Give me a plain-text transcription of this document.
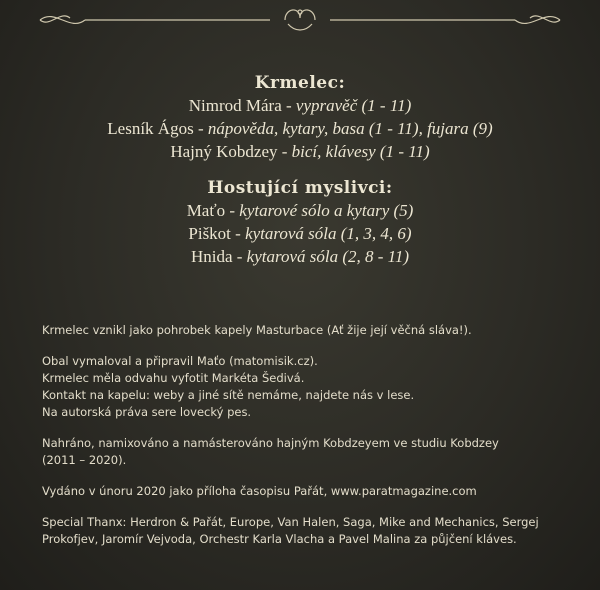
Krmelec:

Nimrod Mára - vypravěč (1 - 11)

Lesník Ágos - nápověda, kytary, basa (1 - 11), fujara (9)

Hajný Kobdzey - bicí, klávesy (1 - 11)

Hostující myslivci:

Maťo - kytarové sólo a kytary (5)

Piškot - kytarová sóla (1, 3, 4, 6)

Hnida - kytarová sóla (2, 8 - 11)

Krmelec vznikl jako pohrobek kapely Masturbace (Ať žije její věčná sláva!).

Obal vymaloval a připravil Maťo (matomisik.cz).

Krmelec měla odvahu vyfotit Markéta Šedivá.

Kontakt na kapelu: weby a jiné sítě nemáme, najdete nás v lese.

Na autorská práva sere lovecký pes.

Nahráno, namixováno a namásterováno hajným Kobdzeyem ve studiu Kobdzey

(2011 – 2020).

Vydáno v únoru 2020 jako příloha časopisu Pařát, www.paratmagazine.com

Special Thanx: Herdron & Pařát, Europe, Van Halen, Saga, Mike and Mechanics, Sergej

Prokofjev, Jaromír Vejvoda, Orchestr Karla Vlacha a Pavel Malina za půjčení kláves.
